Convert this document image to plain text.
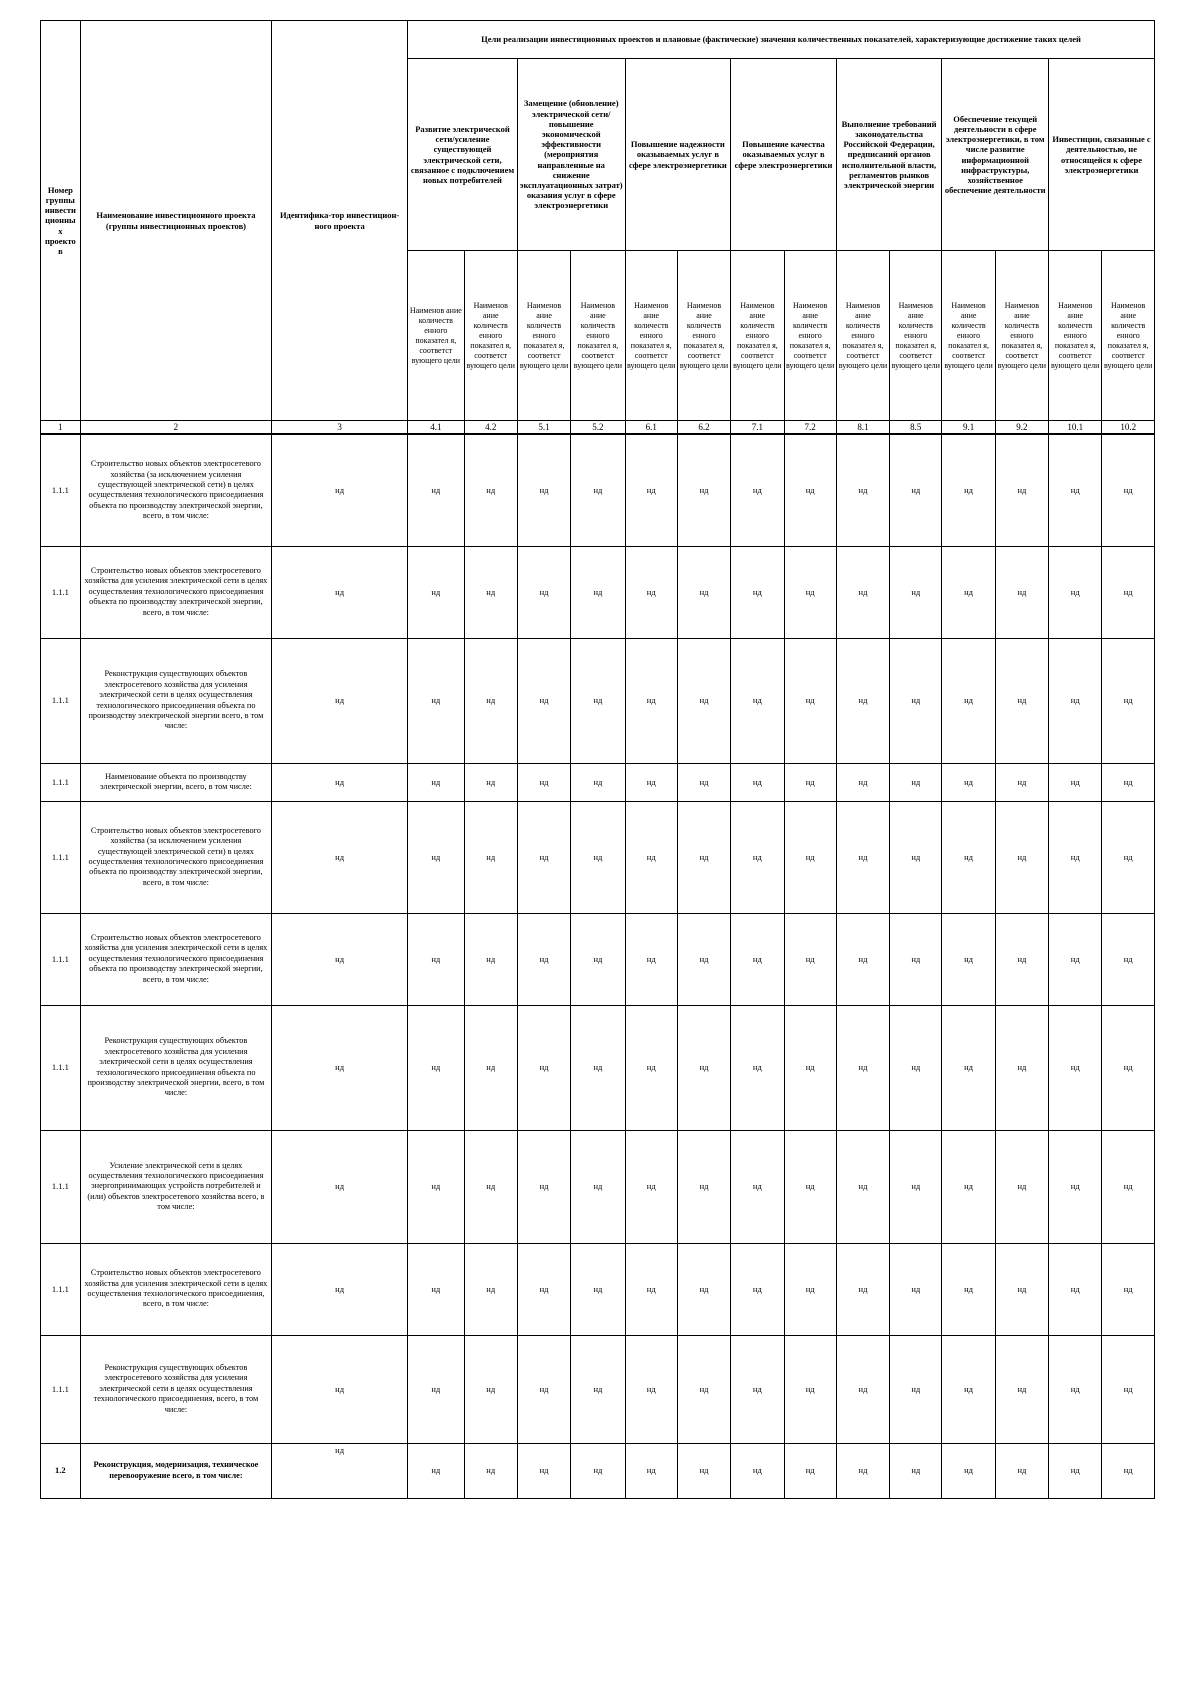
Номер группы инвести ционны х проекто в	Наименование инвестиционного проекта (группы инвестиционных проектов)	Идентифика-тор инвестицион-ного проекта	Цели реализации инвестиционных проектов и плановые (фактические) значения количественных показателей, характеризующие достижение таких целей													
			Развитие электрической сети/усиление существующей электрической сети, связанное с подключением новых потребителей		Замещение (обновление) электрической сети/повышение экономической эффективности (мероприятия направленные на снижение эксплуатационных затрат) оказания услуг в сфере электроэнергетики		Повышение надежности оказываемых услуг в сфере электроэнергетики		Повышение качества оказываемых услуг в сфере электроэнергетики		Выполнение требований законодательства Российской Федерации, предписаний органов исполнительной власти, регламентов рынков электрической энергии		Обеспечение текущей деятельности в сфере электроэнергетики, в том числе развитие информационной инфраструктуры, хозяйственное обеспечение деятельности		Инвестиции, связанные с деятельностью, не относящейся к сфере электроэнергетики	
			Наименов ание количеств енного показател я, соответст вующего цели	Наименов ание количеств енного показател я, соответст вующего цели	Наименов ание количеств енного показател я, соответст вующего цели	Наименов ание количеств енного показател я, соответст вующего цели	Наименов ание количеств енного показател я, соответст вующего цели	Наименов ание количеств енного показател я, соответст вующего цели	Наименов ание количеств енного показател я, соответст вующего цели	Наименов ание количеств енного показател я, соответст вующего цели	Наименов ание количеств енного показател я, соответст вующего цели	Наименов ание количеств енного показател я, соответст вующего цели	Наименов ание количеств енного показател я, соответст вующего цели	Наименов ание количеств енного показател я, соответст вующего цели	Наименов ание количеств енного показател я, соответст вующего цели	Наименов ание количеств енного показател я, соответст вующего цели
1	2	3	4.1	4.2	5.1	5.2	6.1	6.2	7.1	7.2	8.1	8.5	9.1	9.2	10.1	10.2
1.1.1	Строительство новых объектов электросетевого хозяйства (за исключением усиления существующей электрической сети) в целях осуществления технологического присоединения объекта по производству электрической энергии, всего, в том числе:	нд	нд	нд	нд	нд	нд	нд	нд	нд	нд	нд	нд	нд	нд	нд
1.1.1	Строительство новых объектов электросетевого хозяйства для усиления электрической сети в целях осуществления технологического присоединения объекта по производству электрической энергии, всего, в том числе:	нд	нд	нд	нд	нд	нд	нд	нд	нд	нд	нд	нд	нд	нд	нд
1.1.1	Реконструкция существующих объектов электросетевого хозяйства для усиления электрической сети в целях осуществления технологического присоединения объекта по производству электрической энергии всего, в том числе:	нд	нд	нд	нд	нд	нд	нд	нд	нд	нд	нд	нд	нд	нд	нд
1.1.1	Наименование объекта по производству электрической энергии, всего, в том числе:	нд	нд	нд	нд	нд	нд	нд	нд	нд	нд	нд	нд	нд	нд	нд
1.1.1	Строительство новых объектов электросетевого хозяйства (за исключением усиления существующей электрической сети) в целях осуществления технологического присоединения объекта по производству электрической энергии, всего, в том числе:	нд	нд	нд	нд	нд	нд	нд	нд	нд	нд	нд	нд	нд	нд	нд
1.1.1	Строительство новых объектов электросетевого хозяйства для усиления электрической сети в целях осуществления технологического присоединения объекта по производству электрической энергии, всего, в том числе:	нд	нд	нд	нд	нд	нд	нд	нд	нд	нд	нд	нд	нд	нд	нд
1.1.1	Реконструкция существующих объектов электросетевого хозяйства для усиления электрической сети в целях осуществления технологического присоединения объекта по производству электрической энергии, всего, в том числе:	нд	нд	нд	нд	нд	нд	нд	нд	нд	нд	нд	нд	нд	нд	нд
1.1.1	Усиление электрической сети в целях осуществления технологического присоединения энергопринимающих устройств потребителей и (или) объектов электросетевого хозяйства всего, в том числе:	нд	нд	нд	нд	нд	нд	нд	нд	нд	нд	нд	нд	нд	нд	нд
1.1.1	Строительство новых объектов электросетевого хозяйства для усиления электрической сети в целях осуществления технологического присоединения, всего, в том числе:	нд	нд	нд	нд	нд	нд	нд	нд	нд	нд	нд	нд	нд	нд	нд
1.1.1	Реконструкция существующих объектов электросетевого хозяйства для усиления электрической сети в целях осуществления технологического присоединения, всего, в том числе:	нд	нд	нд	нд	нд	нд	нд	нд	нд	нд	нд	нд	нд	нд	нд
1.2	Реконструкция, модернизация, техническое перевооружение всего, в том числе:	нд	нд	нд	нд	нд	нд	нд	нд	нд	нд	нд	нд	нд	нд	нд
